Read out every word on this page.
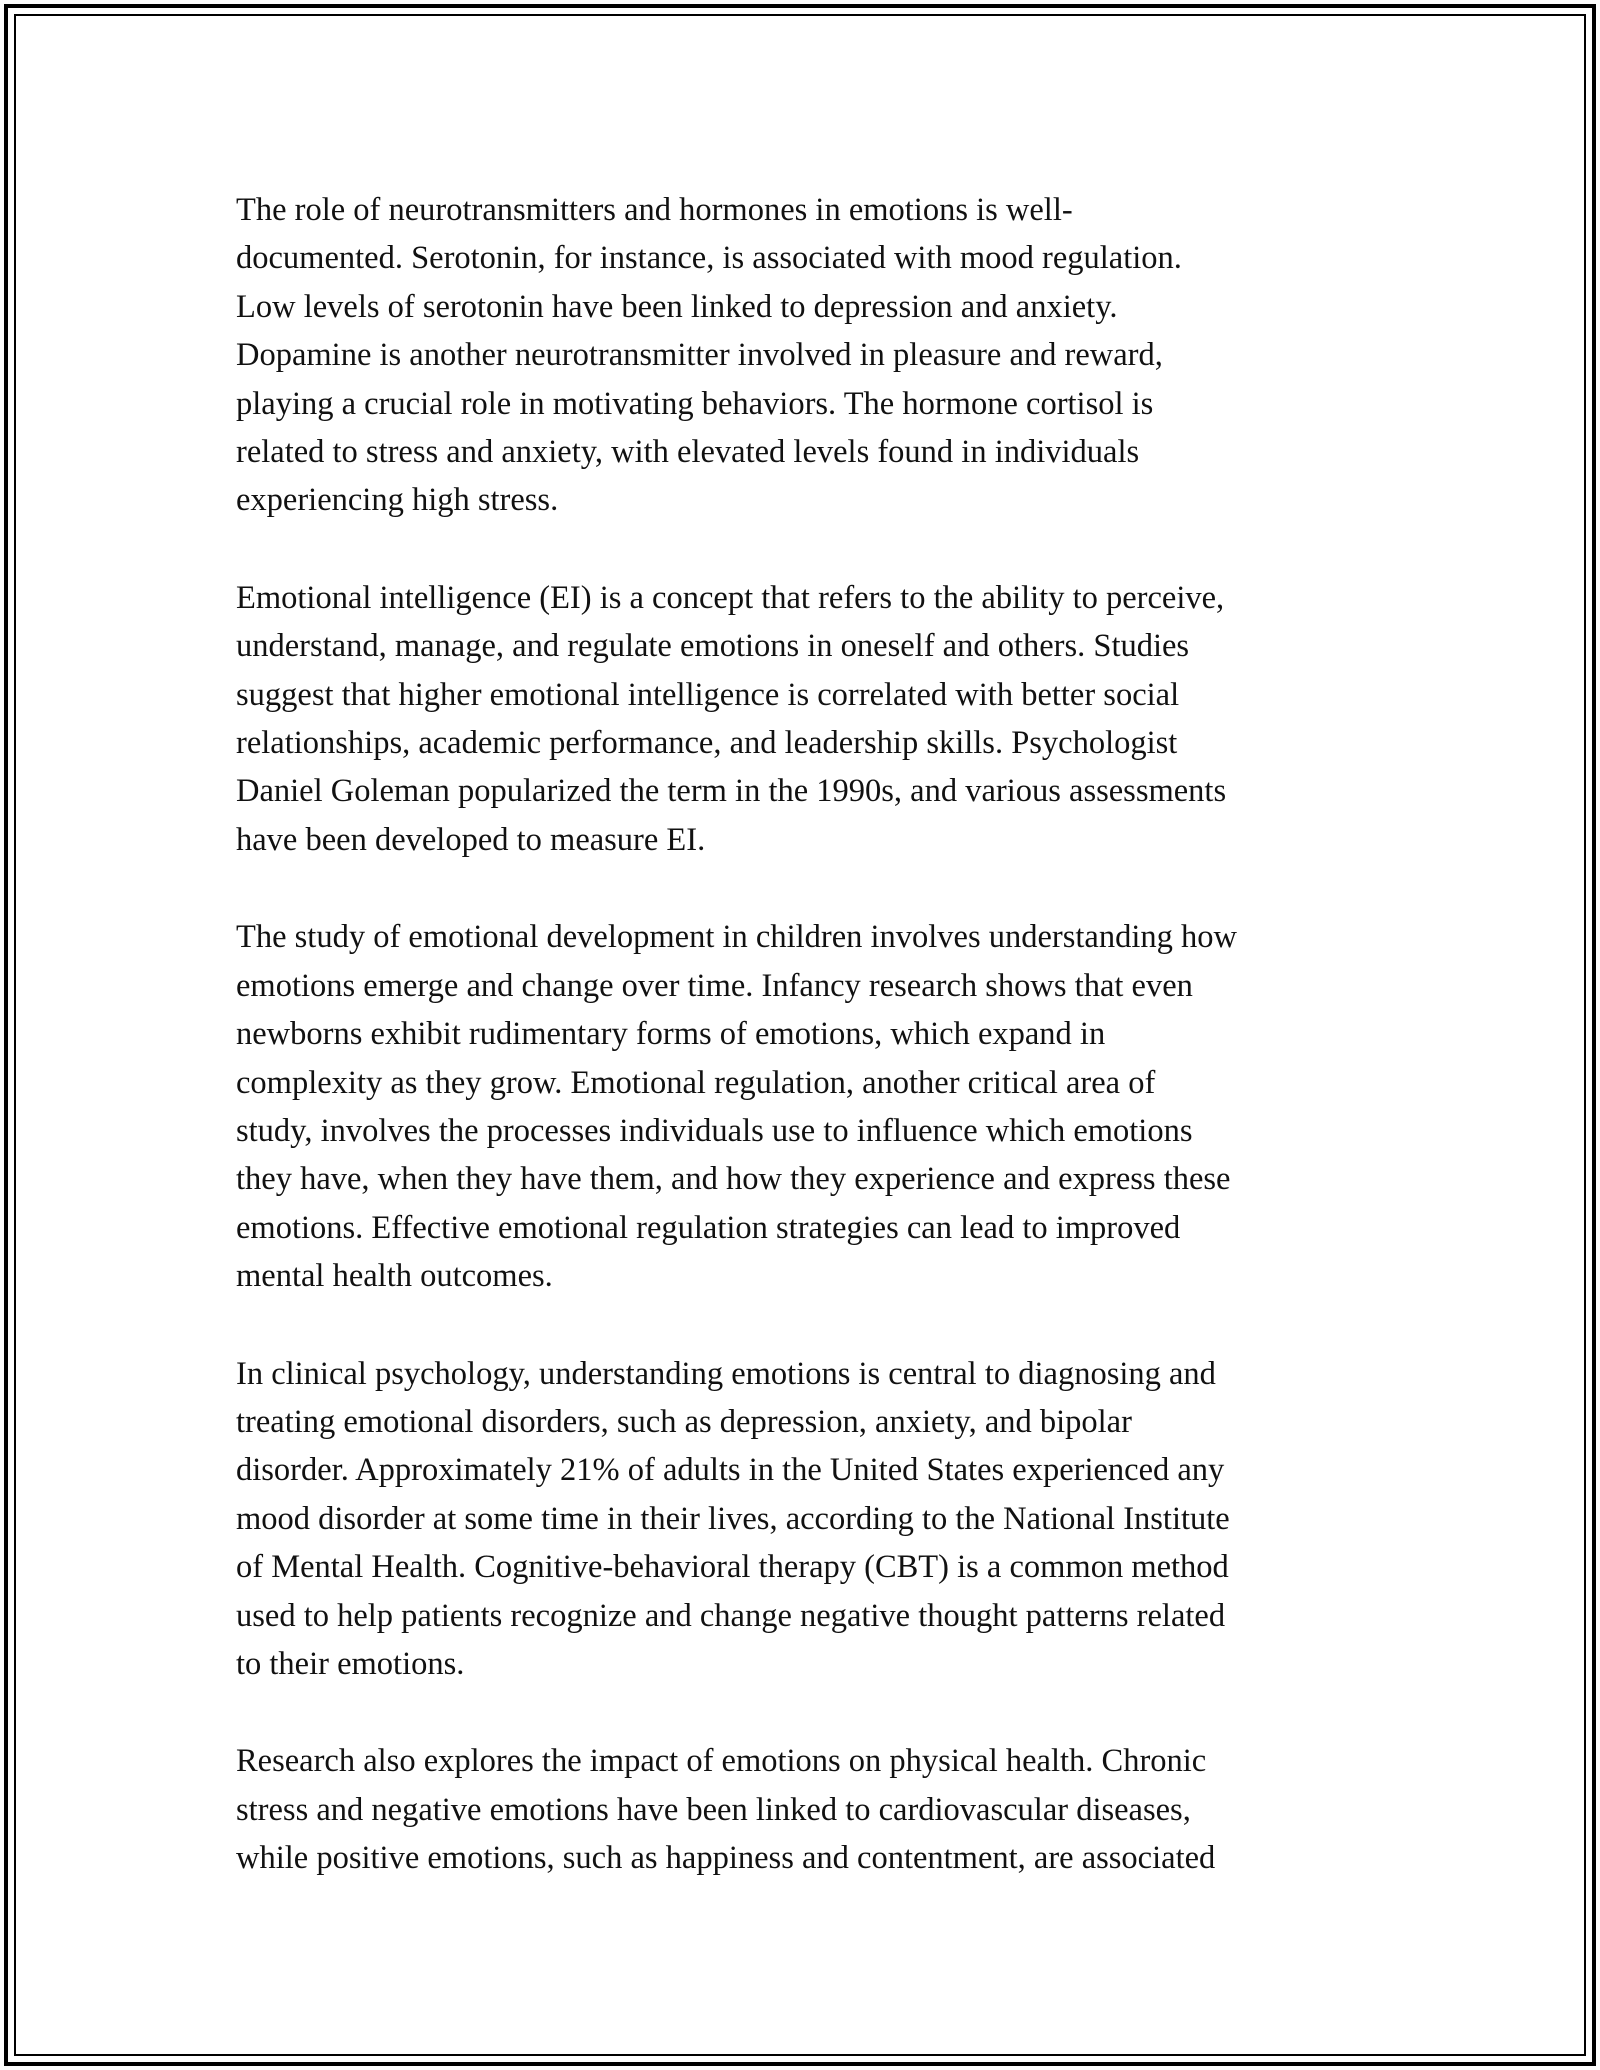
The role of neurotransmitters and hormones in emotions is well-
documented. Serotonin, for instance, is associated with mood regulation.
Low levels of serotonin have been linked to depression and anxiety.
Dopamine is another neurotransmitter involved in pleasure and reward,
playing a crucial role in motivating behaviors. The hormone cortisol is
related to stress and anxiety, with elevated levels found in individuals
experiencing high stress.

Emotional intelligence (EI) is a concept that refers to the ability to perceive,
understand, manage, and regulate emotions in oneself and others. Studies
suggest that higher emotional intelligence is correlated with better social
relationships, academic performance, and leadership skills. Psychologist
Daniel Goleman popularized the term in the 1990s, and various assessments
have been developed to measure EI.

The study of emotional development in children involves understanding how
emotions emerge and change over time. Infancy research shows that even
newborns exhibit rudimentary forms of emotions, which expand in
complexity as they grow. Emotional regulation, another critical area of
study, involves the processes individuals use to influence which emotions
they have, when they have them, and how they experience and express these
emotions. Effective emotional regulation strategies can lead to improved
mental health outcomes.

In clinical psychology, understanding emotions is central to diagnosing and
treating emotional disorders, such as depression, anxiety, and bipolar
disorder. Approximately 21% of adults in the United States experienced any
mood disorder at some time in their lives, according to the National Institute
of Mental Health. Cognitive-behavioral therapy (CBT) is a common method
used to help patients recognize and change negative thought patterns related
to their emotions.

Research also explores the impact of emotions on physical health. Chronic
stress and negative emotions have been linked to cardiovascular diseases,
while positive emotions, such as happiness and contentment, are associated
